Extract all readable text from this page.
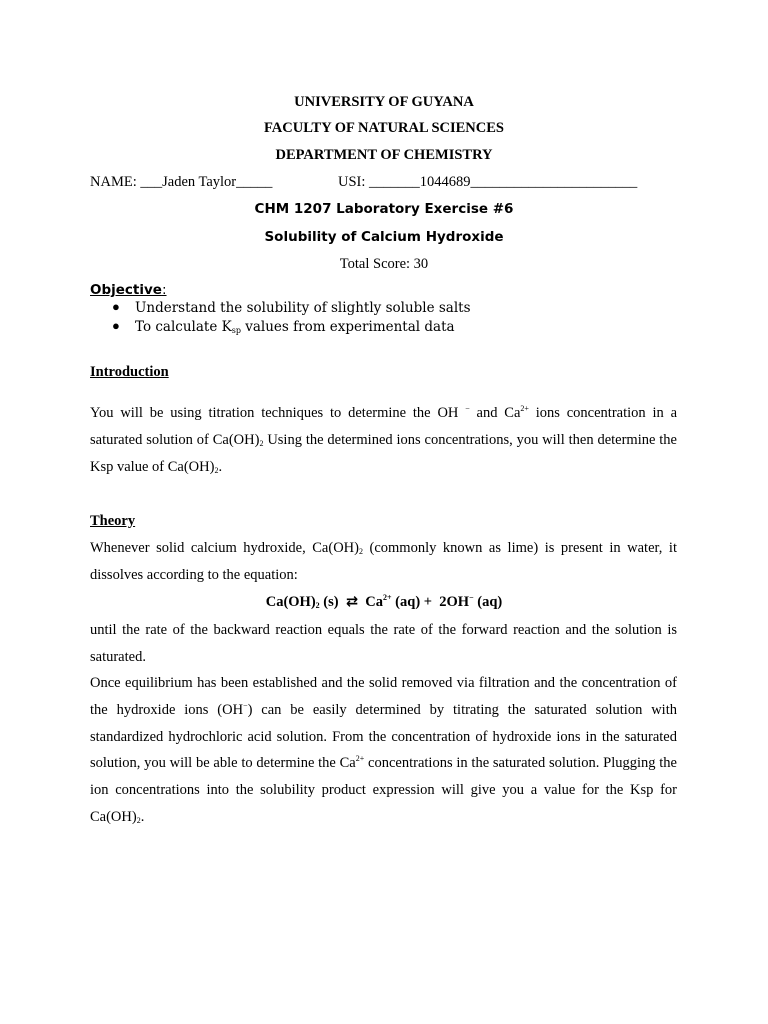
UNIVERSITY OF GUYANA
FACULTY OF NATURAL SCIENCES
DEPARTMENT OF CHEMISTRY
NAME: ___Jaden Taylor_____	USI: _______1044689_______________________
CHM 1207 Laboratory Exercise #6
Solubility of Calcium Hydroxide
Total Score: 30
Objective:
● Understand the solubility of slightly soluble salts
● To calculate $K_{sp}$ values from experimental data
Introduction
You will be using titration techniques to determine the OH − and $Ca^{2+}$ ions concentration in a saturated solution of $Ca(OH)_2$ Using the determined ions concentrations, you will then determine the Ksp value of $Ca(OH)_2$.
Theory
Whenever solid calcium hydroxide, $Ca(OH)_2$ (commonly known as lime) is present in water, it dissolves according to the equation:
$Ca(OH)_2$ (s) ⇄ $Ca^{2+}$ (aq) + 2OH− (aq)
until the rate of the backward reaction equals the rate of the forward reaction and the solution is saturated.
Once equilibrium has been established and the solid removed via filtration and the concentration of the hydroxide ions (OH−) can be easily determined by titrating the saturated solution with standardized hydrochloric acid solution. From the concentration of hydroxide ions in the saturated solution, you will be able to determine the $Ca^{2+}$ concentrations in the saturated solution. Plugging the ion concentrations into the solubility product expression will give you a value for the Ksp for $Ca(OH)_2$.
